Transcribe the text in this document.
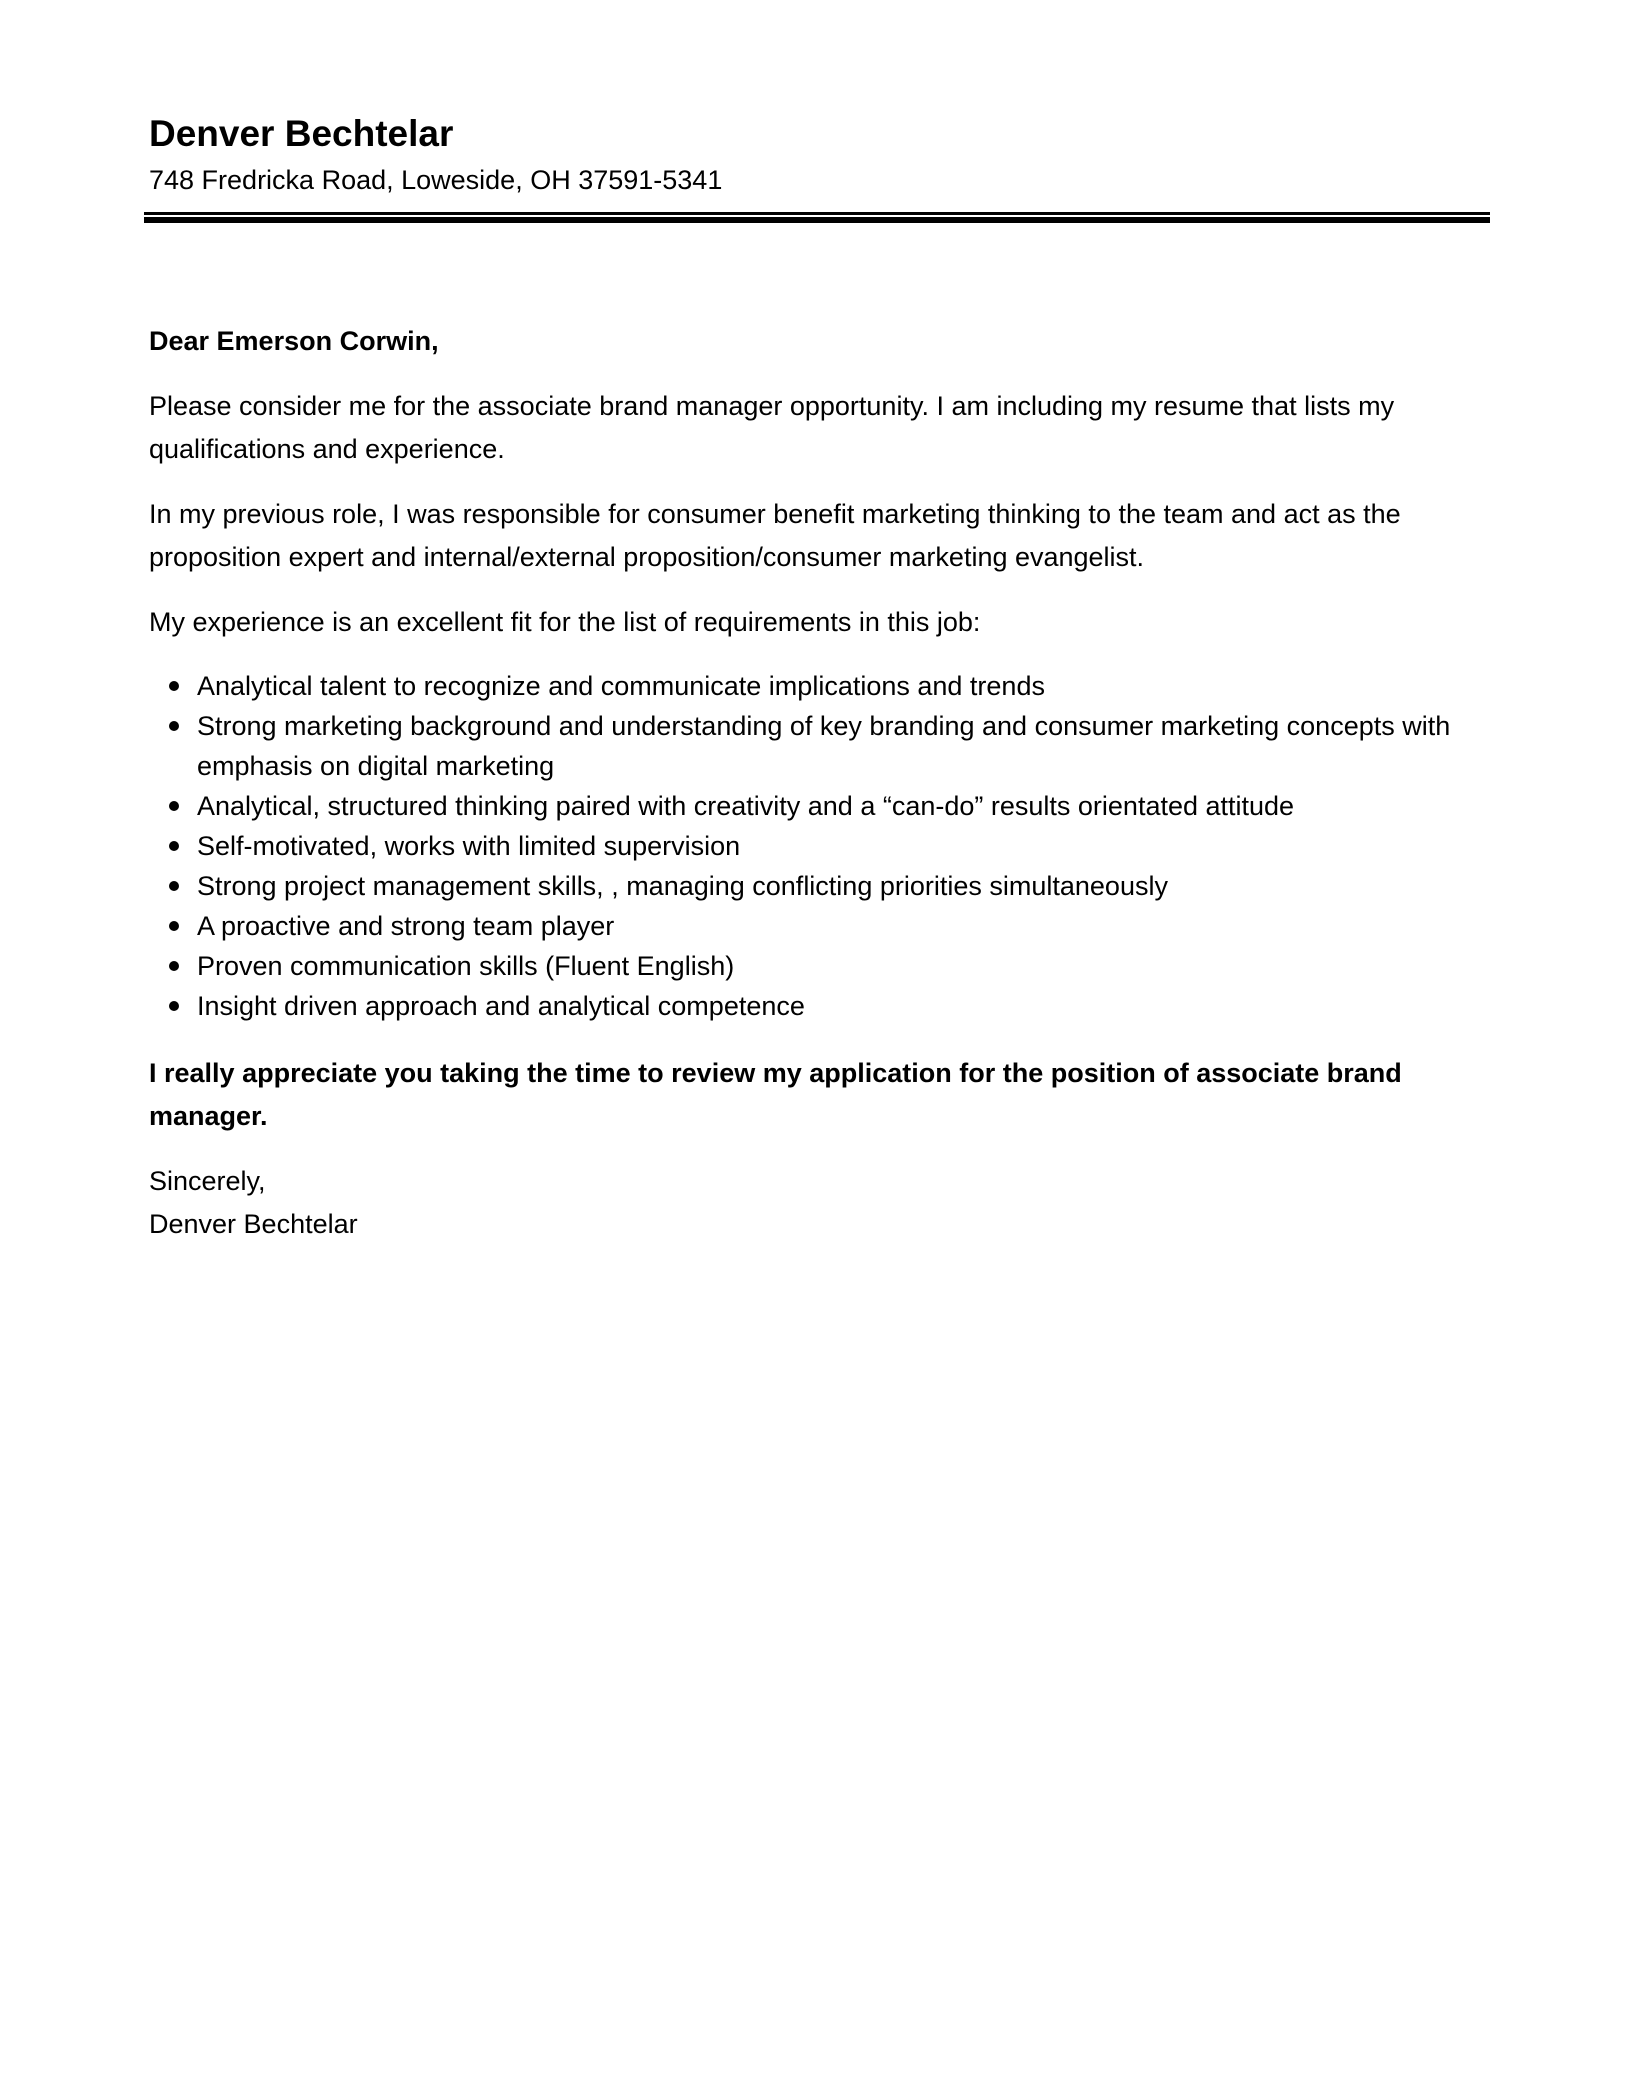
Denver Bechtelar

748 Fredricka Road, Loweside, OH 37591-5341

Dear Emerson Corwin,

Please consider me for the associate brand manager opportunity. I am including my resume that lists my qualifications and experience.

In my previous role, I was responsible for consumer benefit marketing thinking to the team and act as the proposition expert and internal/external proposition/consumer marketing evangelist.

My experience is an excellent fit for the list of requirements in this job:

Analytical talent to recognize and communicate implications and trends
Strong marketing background and understanding of key branding and consumer marketing concepts with emphasis on digital marketing
Analytical, structured thinking paired with creativity and a “can-do” results orientated attitude
Self-motivated, works with limited supervision
Strong project management skills, , managing conflicting priorities simultaneously
A proactive and strong team player
Proven communication skills (Fluent English)
Insight driven approach and analytical competence

I really appreciate you taking the time to review my application for the position of associate brand manager.

Sincerely,

Denver Bechtelar
